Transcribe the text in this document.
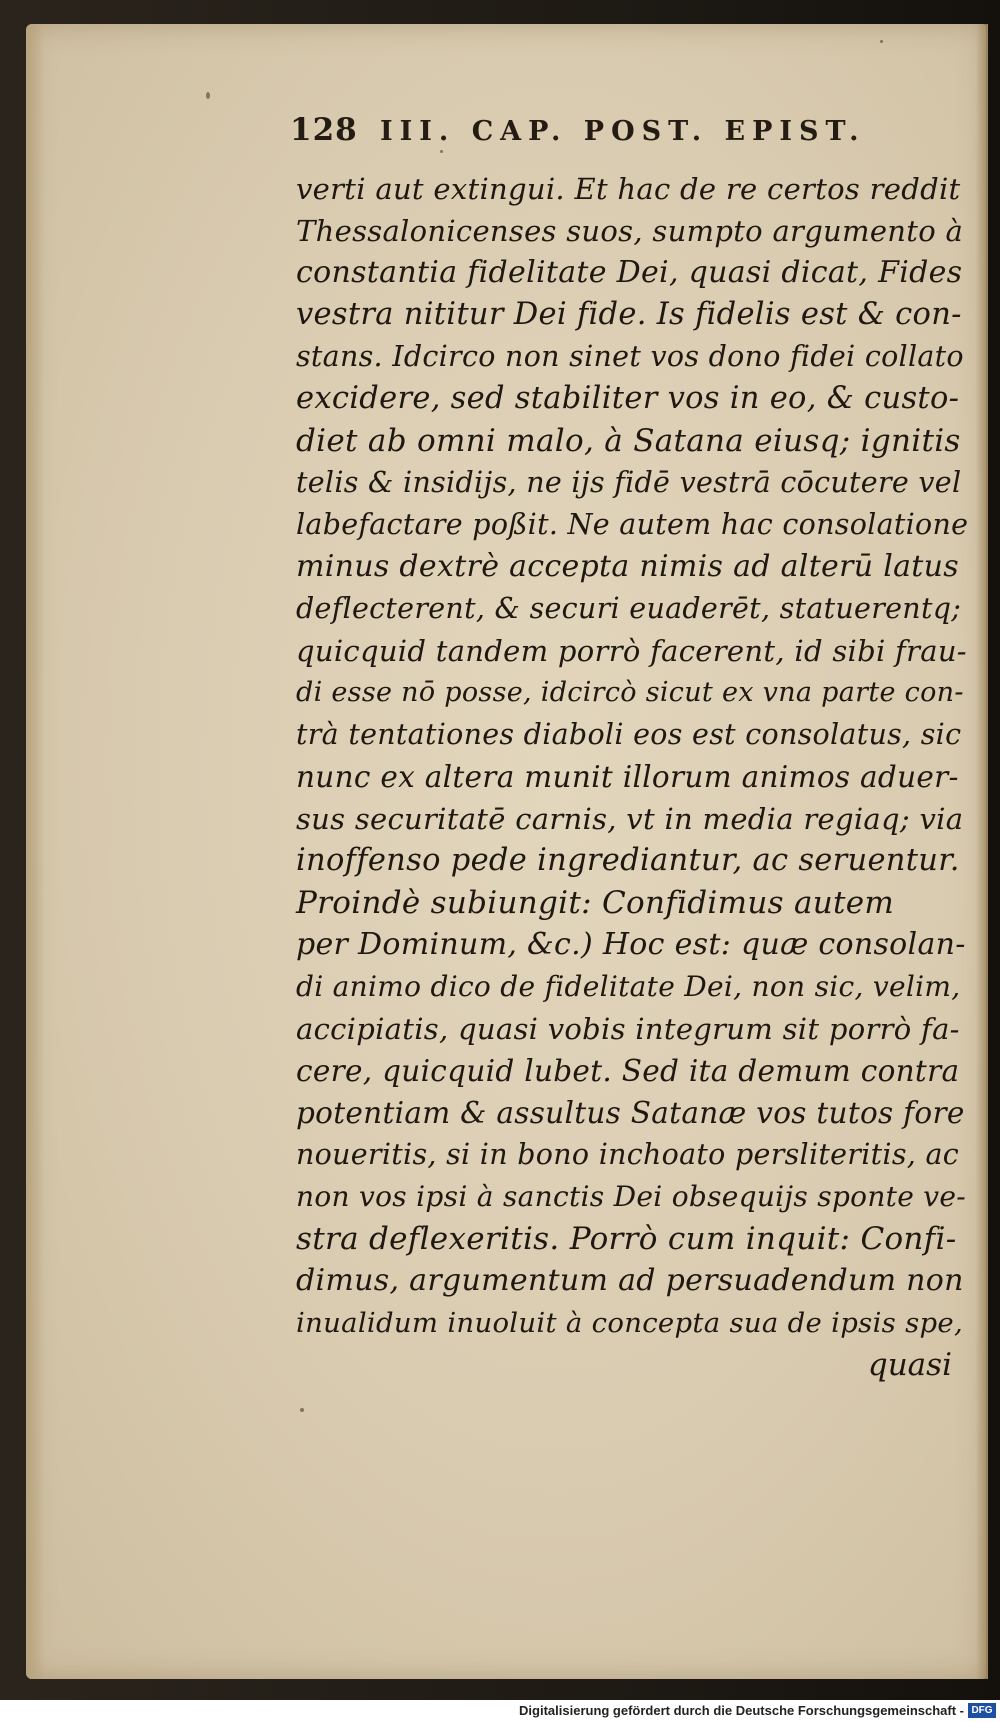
128 III. CAP. POST. EPIST.
verti aut extingui. Et hac de re certos reddit
Thessalonicenses suos, sumpto argumento à
constantia fidelitate Dei, quasi dicat, Fides
vestra nititur Dei fide. Is fidelis est & con-
stans. Idcirco non sinet vos dono fidei collato
excidere, sed stabiliter vos in eo, & custo-
diet ab omni malo, à Satana eiusq; ignitis
telis & insidijs, ne ijs fidē vestrā cōcutere vel
labefactare poßit. Ne autem hac consolatione
minus dextrè accepta nimis ad alterū latus
deflecterent, & securi euaderēt, statuerentq;
quicquid tandem porrò facerent, id sibi frau-
di esse nō posse, idcircò sicut ex vna parte con-
trà tentationes diaboli eos est consolatus, sic
nunc ex altera munit illorum animos aduer-
sus securitatē carnis, vt in media regiaq; via
inoffenso pede ingrediantur, ac seruentur.
Proindè subiungit: Confidimus autem
per Dominum, &c.) Hoc est: quæ consolan-
di animo dico de fidelitate Dei, non sic, velim,
accipiatis, quasi vobis integrum sit porrò fa-
cere, quicquid lubet. Sed ita demum contra
potentiam & assultus Satanæ vos tutos fore
noueritis, si in bono inchoato persliteritis, ac
non vos ipsi à sanctis Dei obsequijs sponte ve-
stra deflexeritis. Porrò cum inquit: Confi-
dimus, argumentum ad persuadendum non
inualidum inuoluit à concepta sua de ipsis spe,
quasi
Digitalisierung gefördert durch die Deutsche Forschungsgemeinschaft - DFG
